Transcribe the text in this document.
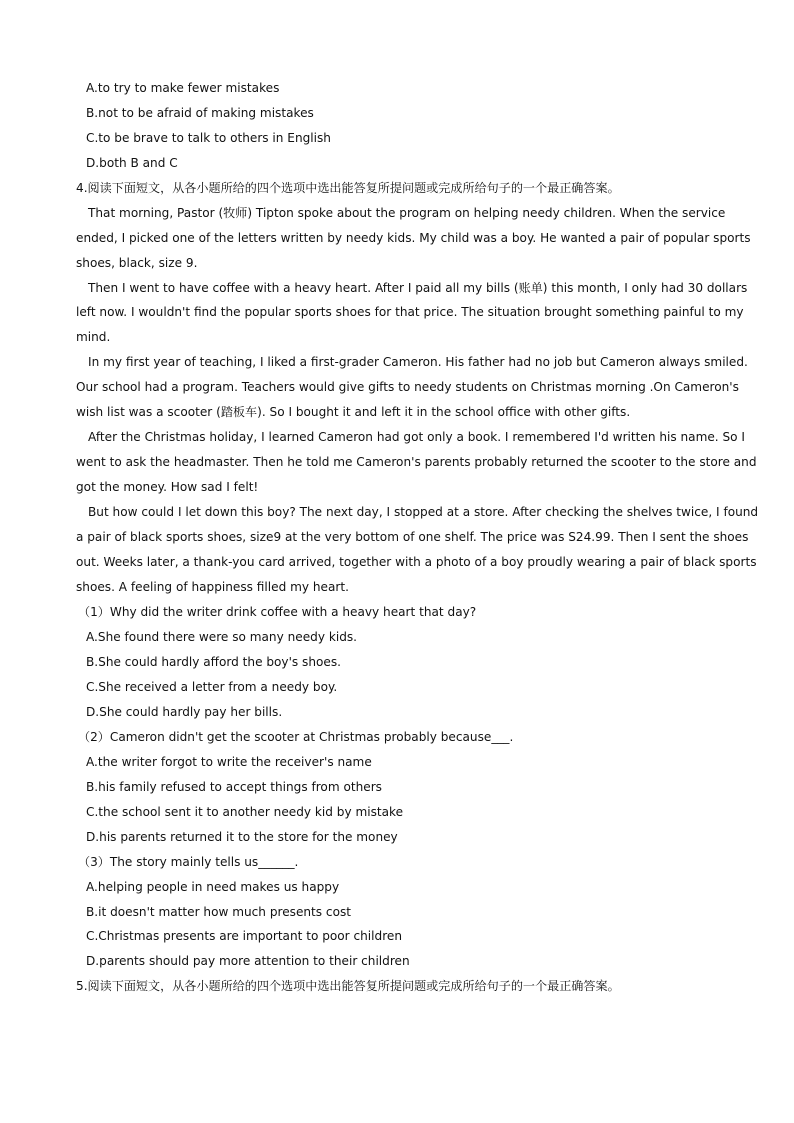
A.to try to make fewer mistakes
B.not to be afraid of making mistakes
C.to be brave to talk to others in English
D.both B and C
4.阅读下面短文，从各小题所给的四个选项中选出能答复所提问题或完成所给句子的一个最正确答案。
That morning, Pastor (牧师) Tipton spoke about the program on helping needy children. When the service
ended, I picked one of the letters written by needy kids. My child was a boy. He wanted a pair of popular sports
shoes, black, size 9.
Then I went to have coffee with a heavy heart. After I paid all my bills (账单) this month, I only had 30 dollars
left now. I wouldn't find the popular sports shoes for that price. The situation brought something painful to my
mind.
In my first year of teaching, I liked a first-grader Cameron. His father had no job but Cameron always smiled.
Our school had a program. Teachers would give gifts to needy students on Christmas morning .On Cameron's
wish list was a scooter (踏板车). So I bought it and left it in the school office with other gifts.
After the Christmas holiday, I learned Cameron had got only a book. I remembered I'd written his name. So I
went to ask the headmaster. Then he told me Cameron's parents probably returned the scooter to the store and
got the money. How sad I felt!
But how could I let down this boy? The next day, I stopped at a store. After checking the shelves twice, I found
a pair of black sports shoes, size9 at the very bottom of one shelf. The price was S24.99. Then I sent the shoes
out. Weeks later, a thank-you card arrived, together with a photo of a boy proudly wearing a pair of black sports
shoes. A feeling of happiness filled my heart.
（1）Why did the writer drink coffee with a heavy heart that day?
A.She found there were so many needy kids.
B.She could hardly afford the boy's shoes.
C.She received a letter from a needy boy.
D.She could hardly pay her bills.
（2）Cameron didn't get the scooter at Christmas probably because___.
A.the writer forgot to write the receiver's name
B.his family refused to accept things from others
C.the school sent it to another needy kid by mistake
D.his parents returned it to the store for the money
（3）The story mainly tells us______.
A.helping people in need makes us happy
B.it doesn't matter how much presents cost
C.Christmas presents are important to poor children
D.parents should pay more attention to their children
5.阅读下面短文，从各小题所给的四个选项中选出能答复所提问题或完成所给句子的一个最正确答案。
